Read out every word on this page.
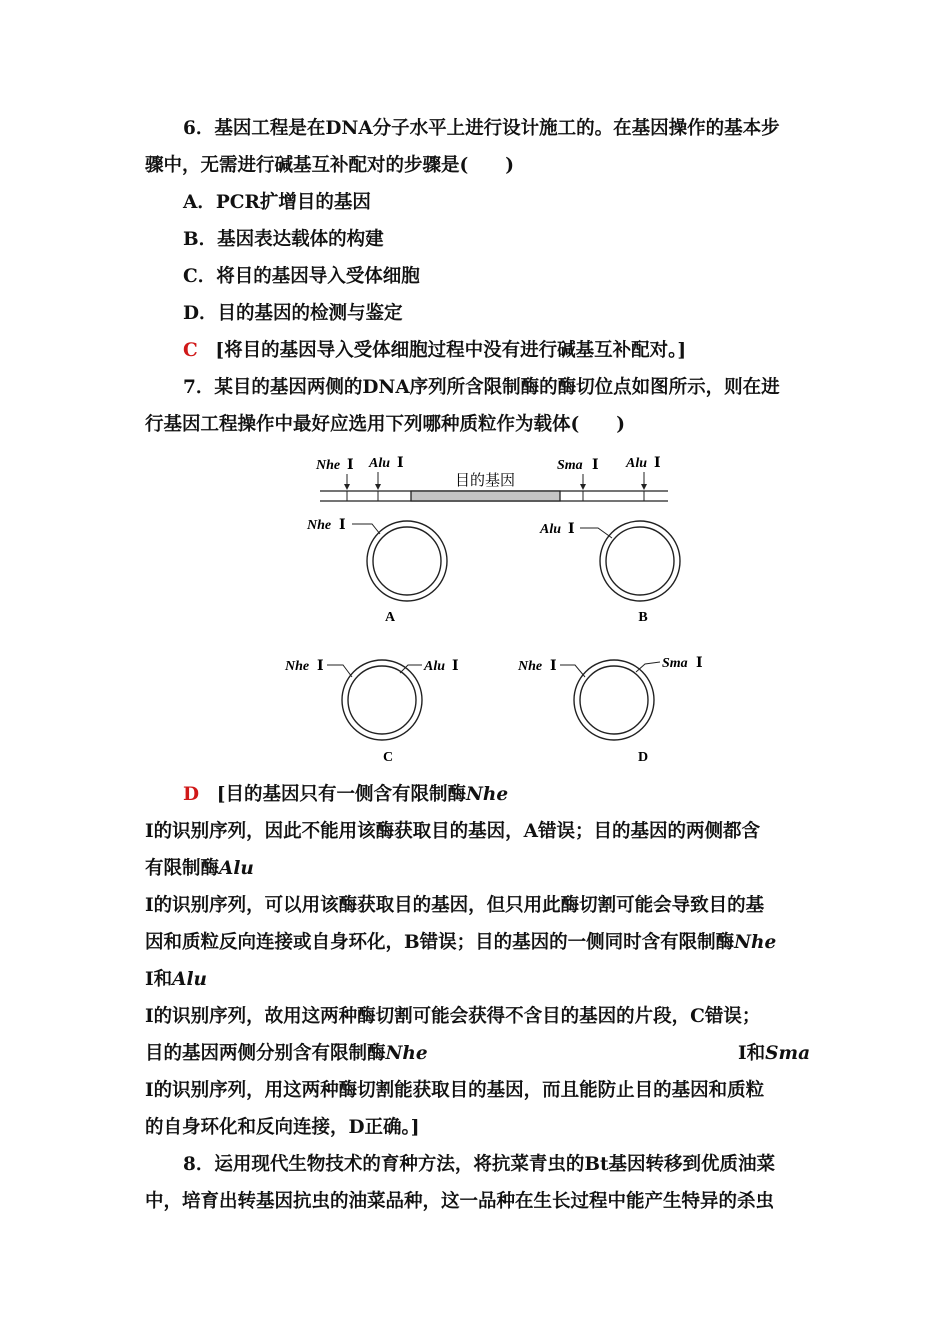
6．基因工程是在DNA分子水平上进行设计施工的。在基因操作的基本步
骤中，无需进行碱基互补配对的步骤是(　　)
A．PCR扩增目的基因
B．基因表达载体的构建
C．将目的基因导入受体细胞
D．目的基因的检测与鉴定
C [将目的基因导入受体细胞过程中没有进行碱基互补配对。]
7．某目的基因两侧的DNA序列所含限制酶的酶切位点如图所示，则在进
行基因工程操作中最好应选用下列哪种质粒作为载体(　　)
目的基因
Nhe Ⅰ Alu Ⅰ	Sma Ⅰ Alu Ⅰ
Nhe Ⅰ
A
Alu Ⅰ
B
Nhe Ⅰ	Alu Ⅰ
C
Nhe Ⅰ	Sma Ⅰ
D
D [目的基因只有一侧含有限制酶Nhe
Ⅰ的识别序列，因此不能用该酶获取目的基因，A错误；目的基因的两侧都含
有限制酶Alu
Ⅰ的识别序列，可以用该酶获取目的基因，但只用此酶切割可能会导致目的基
因和质粒反向连接或自身环化，B错误；目的基因的一侧同时含有限制酶Nhe
Ⅰ和Alu
Ⅰ的识别序列，故用这两种酶切割可能会获得不含目的基因的片段，C错误；
目的基因两侧分别含有限制酶Nhe	Ⅰ和Sma
Ⅰ的识别序列，用这两种酶切割能获取目的基因，而且能防止目的基因和质粒
的自身环化和反向连接，D正确。]
8．运用现代生物技术的育种方法，将抗菜青虫的Bt基因转移到优质油菜
中，培育出转基因抗虫的油菜品种，这一品种在生长过程中能产生特异的杀虫
